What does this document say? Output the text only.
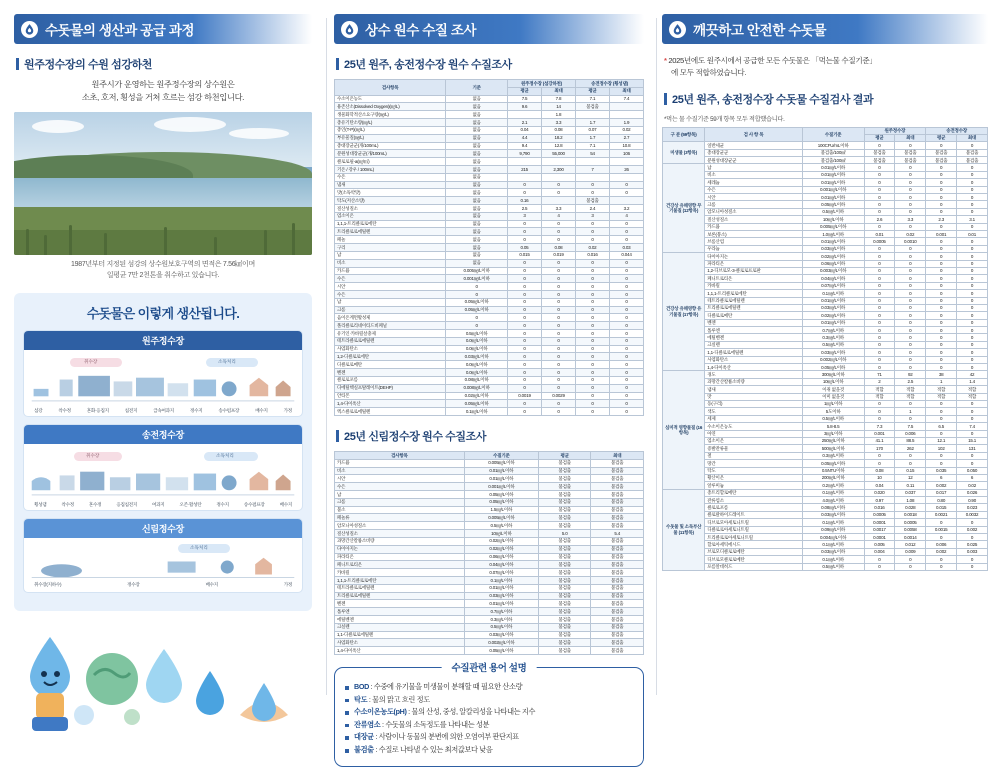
수돗물의 생산과 공급 과정
원주정수장의 수원 섬강하천
원주시가 운영하는 원주정수장의 상수원은
소초, 호저, 횡성을 거쳐 흐르는 섬강 하천입니다.
1987년부터 지정된 섬강의 상수원보호구역의 면적은 7.56㎢이며
일평균 7만 2천톤을 취수하고 있습니다.
수돗물은 이렇게 생산됩니다.
원주정수장
취수장	소독처리
섬강	착수정	혼화·응집지	침전지	급속여과지	정수지	송수펌프장	배수지	가정
송전정수장
취수장	소독처리
횡성댐	착수정	혼수정	응집침전지	여과지	오존·활성탄	정수지	송수펌프장	배수지
신림정수장
소독처리
취수장(지하수)	정수장	배수지	가정
상수 원수 수질 조사
25년 원주, 송전정수장 원수 수질조사
검사항목	기준	원주정수장 (섬강하천)		송전정수장 (횡성댐)	
		평균	최대	평균	최대
수소이온농도	없음	7.5	7.8	7.1	7.4
용존산소(Dissolved Oxygen)(㎎/L)	없음	9.6	14	불검출	
생물화학적산소요구량(㎎/L)	없음		1.8		
총유기탄소량(㎎/L)	없음	2.1	3.3	1.7	1.9
총인(T-P)(㎎/L)	없음	0.04	0.08	0.07	0.02
부유물질(㎎/L)	없음	4.4	18.2	1.7	2.7
총대장균군(개/100mL)	없음	9.4	12.8	7.1	10.8
분원성대장균군(개/100mL)	없음	9,790	55,000	54	106
클로로필-a(㎎/㎥)	없음				
기온 / 강우 / 100mL)	없음	215	2,300	7	26
수온	없음				
냄새	없음	0	0	0	0
맛(소독약맛)	없음	0	0	0	0
탁도(저산소량)	없음	0.16		불검출	
질산성질소	없음	2.5	3.3	2.4	3.2
염소이온	없음	3	4	3	4
1,1,1-트리클로로에탄	없음	0	0	0	0
트리클로로에틸렌	없음	0	0	0	0
페놀	없음	0	0	0	0
구리	없음	0.05	0.08	0.02	0.03
납	없음	0.015	0.019	0.016	0.044
비소	없음	0	0	0	0
카드뮴	0.005㎎/L이하	0	0	0	0
수은	0.001㎎/L이하	0	0	0	0
시안	0	0	0	0	0
수은	0	0	0	0	0
납	0.05㎎/L이하	0	0	0	0
크롬	0.05㎎/L이하	0	0	0	0
음이온계면활성제	0	0	0	0	0
폴리클로리네이티드비페닐	0	0	0	0	0
유기인·카바릴살충제	0.5㎎/L이하	0	0	0	0
테트라클로로에틸렌	0.0㎎/L이하	0	0	0	0
사염화탄소	0.0㎎/L이하	0	0	0	0
1,2-디클로로에탄	0.03㎎/L이하	0	0	0	0
디클로로메탄	0.0㎎/L이하	0	0	0	0
벤젠	0.0㎎/L이하	0	0	0	0
클로로포름	0.08㎎/L이하	0	0	0	0
디에틸헥실프탈레이트(DEHP)	0.008㎎/L이하	0	0	0	0
안티몬	0.02㎎/L이하	0.0019	0.0029	0	0
1,4-다이옥산	0.05㎎/L이하	0	0	0	0
엑스클로로에틸렌	0.1㎎/L이하	0	0	0	0
25년 신림정수장 원수 수질조사
검사항목	수질기준	평균	최대
카드뮴	0.005㎎/L이하	불검출	불검출
비소	0.01㎎/L이하	불검출	불검출
시안	0.01㎎/L이하	불검출	불검출
수은	0.001㎎/L이하	불검출	불검출
납	0.05㎎/L이하	불검출	불검출
크롬	0.05㎎/L이하	불검출	불검출
불소	1.5㎎/L이하	불검출	불검출
페놀류	0.005㎎/L이하	불검출	불검출
암모니아성질소	0.5㎎/L이하	불검출	불검출
질산성질소	10㎎/L이하	5.0	5.4
과망간산칼륨소비량	0.02㎎/L이하	불검출	불검출
다이아지논	0.02㎎/L이하	불검출	불검출
파라티온	0.06㎎/L이하	불검출	불검출
페니트로티온	0.04㎎/L이하	불검출	불검출
카바릴	0.07㎎/L이하	불검출	불검출
1,1,1-트리클로로에탄	0.1㎎/L이하	불검출	불검출
테트라클로로에틸렌	0.01㎎/L이하	불검출	불검출
트리클로로에틸렌	0.03㎎/L이하	불검출	불검출
벤젠	0.01㎎/L이하	불검출	불검출
톨루엔	0.7㎎/L이하	불검출	불검출
에틸벤젠	0.3㎎/L이하	불검출	불검출
크실렌	0.5㎎/L이하	불검출	불검출
1,1-디클로로에틸렌	0.03㎎/L이하	불검출	불검출
사염화탄소	0.002㎎/L이하	불검출	불검출
1,4-다이옥산	0.05㎎/L이하	불검출	불검출
수질관련 용어 설명
BOD : 수중에 유기물을 미생물이 분해할 때 필요한 산소량
탁도 : 물의 맑고 흐린 정도
수소이온농도(pH) : 물의 산성, 중성, 알칼리성을 나타내는 지수
잔류염소 : 수돗물의 소독정도를 나타내는 성분
대장균 : 사람이나 동물의 분변에 의한 오염여부 판단지표
불검출 : 수질로 나타낼 수 있는 최저값보다 낮음
깨끗하고 안전한 수돗물
* 2025년에도 원주시에서 공급한 모든 수돗물은 「먹는물 수질기준」
에 모두 적합하였습니다.
25년 원주, 송전정수장 수돗물 수질검사 결과
*먹는 물 수질기준 59개 항목 모두 적합했습니다.
구 분 (59항목)	검 사 항 목	수질기준	원주정수장		송전정수장	
			평균	최대	평균	최대
미생물 (3항목)	일반세균	100CFU/mL이하	0	0	0	0
	총대장균군	불검출/100㎖	불검출	불검출	불검출	불검출
	분원성대장균군	불검출/100㎖	불검출	불검출	불검출	불검출
건강상 유해영향 무기물질 (12항목)	납	0.01㎎/L이하	0	0	0	0
	비소	0.01㎎/L이하	0	0	0	0
	세레늄	0.01㎎/L이하	0	0	0	0
	수은	0.001㎎/L이하	0	0	0	0
	시안	0.01㎎/L이하	0	0	0	0
	크롬	0.05㎎/L이하	0	0	0	0
	암모니아성질소	0.5㎎/L이하	0	0	0	0
	질산성질소	10㎎/L이하	2.6	3.3	2.3	3.1
	카드뮴	0.005㎎/L이하	0	0	0	0
	보론(붕소)	1.0㎎/L이하	0.01	0.02	0.001	0.01
	브롬산염	0.01㎎/L이하	0.0005	0.0010	0	0
	우라늄	0.03㎎/L이하	0	0	0	0
건강상 유해영향 유기물질 (17항목)	다이아지논	0.02㎎/L이하	0	0	0	0
	파라티온	0.06㎎/L이하	0	0	0	0
	1,2-디브로모-3-클로로프로판	0.003㎎/L이하	0	0	0	0
	페니트로티온	0.04㎎/L이하	0	0	0	0
	카바릴	0.07㎎/L이하	0	0	0	0
	1,1,1-트리클로로에탄	0.1㎎/L이하	0	0	0	0
	테트라클로로에틸렌	0.01㎎/L이하	0	0	0	0
	트리클로로에틸렌	0.03㎎/L이하	0	0	0	0
	디클로로메탄	0.02㎎/L이하	0	0	0	0
	벤젠	0.01㎎/L이하	0	0	0	0
	톨루엔	0.7㎎/L이하	0	0	0	0
	에틸벤젠	0.3㎎/L이하	0	0	0	0
	크실렌	0.5㎎/L이하	0	0	0	0
	1,1-디클로로에틸렌	0.03㎎/L이하	0	0	0	0
	사염화탄소	0.002㎎/L이하	0	0	0	0
	1,4-다이옥산	0.05㎎/L이하	0	0	0	0
심미적 영향물질 (16항목)	경도	300㎎/L이하	71	92	38	42
	과망간산칼륨소비량	10㎎/L이하	2	2.5	1	1.4
	냄새	이취 없을것	적합	적합	적합	적합
	맛	이미 없을것	적합	적합	적합	적합
	동(구리)	1㎎/L이하	0	0	0	0
	색도	5도이하	0	1	0	0
	세제	0.5㎎/L이하	0	0	0	0
	수소이온농도	5.8-8.5	7.3	7.5	6.5	7.4
	아연	3㎎/L이하	0.001	0.006	0	0
	염소이온	250㎎/L이하	41.1	88.5	12.1	15.1
	증발잔류물	500㎎/L이하	170	262	102	131
	철	0.3㎎/L이하	0	0	0	0
	망간	0.05㎎/L이하	0	0	0	0
	탁도	0.5NTU이하	0.08	0.15	0.035	0.050
	황산이온	200㎎/L이하	10	12	6	6
	알루미늄	0.2㎎/L이하	0.04	0.11	0.002	0.02
수돗물 및 소독부산물 (11항목)	총트리할로메탄	0.1㎎/L이하	0.020	0.037	0.017	0.026
	잔류염소	4.0㎎/L이하	0.97	1.08	0.80	0.90
	클로로포름	0.08㎎/L이하	0.016	0.028	0.015	0.023
	클로랄하이드레이트	0.03㎎/L이하	0.0005	0.0018	0.0021	0.0032
	디브로모아세토니트릴	0.1㎎/L이하	0.0001	0.0005	0	0
	디클로로아세토니트릴	0.09㎎/L이하	0.0017	0.0058	0.0015	0.002
	트리클로로아세토니트릴	0.004㎎/L이하	0.0001	0.0014	0	0
	할로아세틱에시드	0.1㎎/L이하	0.005	0.012	0.006	0.025
	브로모디클로로메탄	0.03㎎/L이하	0.004	0.009	0.002	0.003
	디브로모클로로메탄	0.1㎎/L이하	0	0	0	0
	포름알데히드	0.5㎎/L이하	0	0	0	0
